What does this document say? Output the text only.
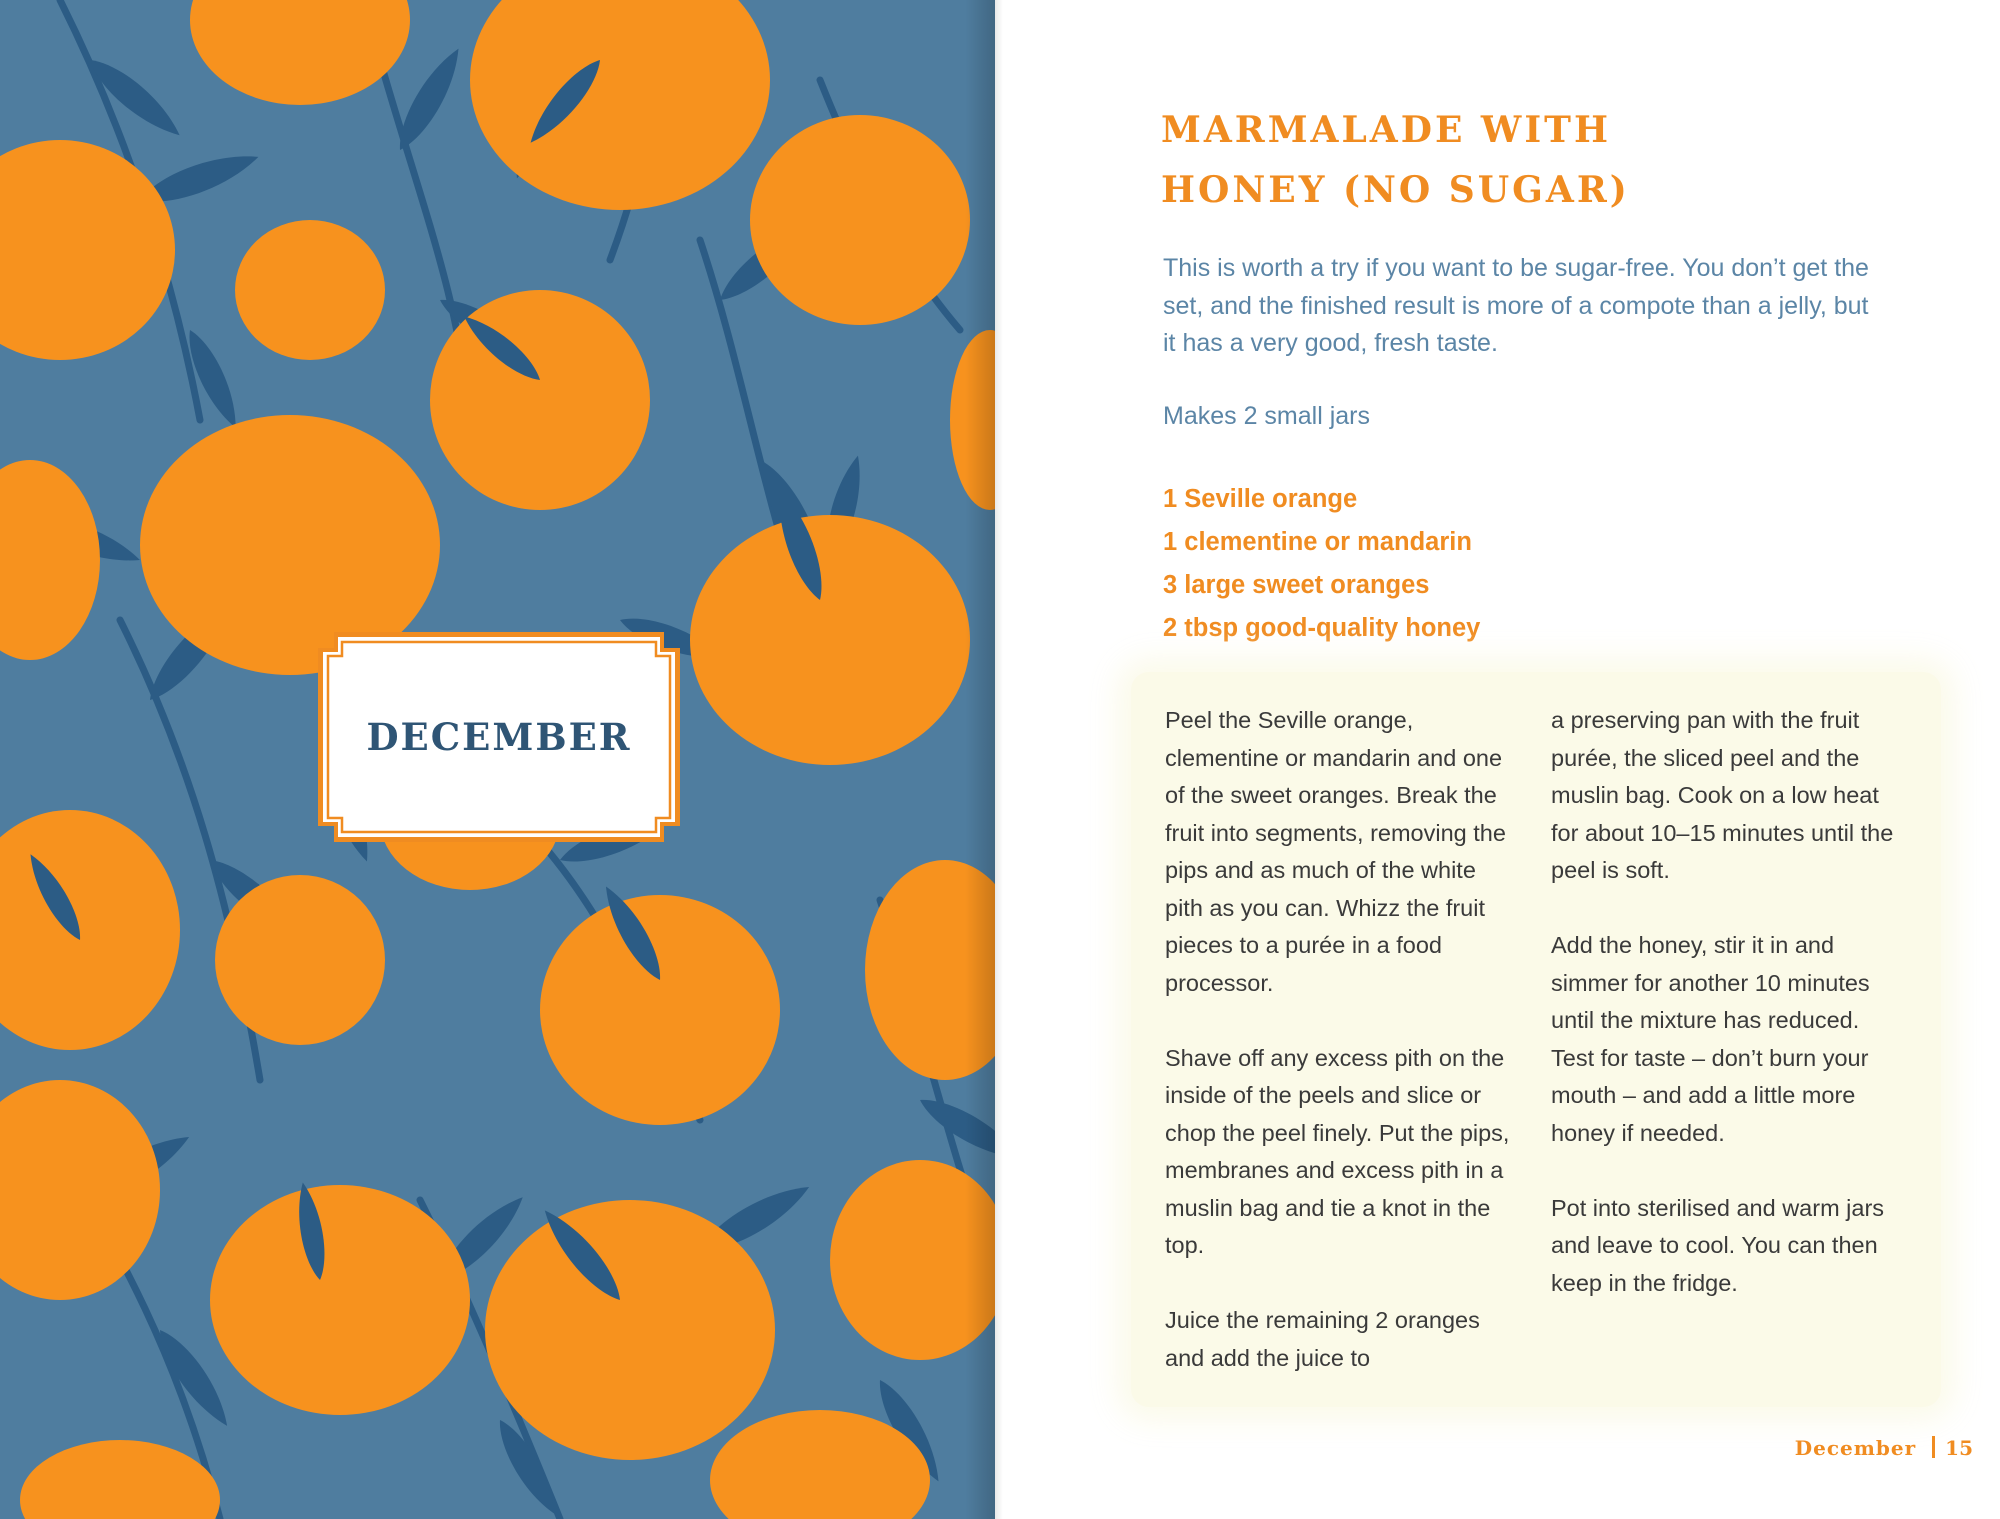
DECEMBER
MARMALADE WITH
HONEY (NO SUGAR)

This is worth a try if you want to be sugar-free. You don’t get the set, and the finished result is more of a compote than a jelly, but it has a very good, fresh taste.

Makes 2 small jars

1 Seville orange
1 clementine or mandarin
3 large sweet oranges
2 tbsp good-quality honey

Peel the Seville orange, clementine or mandarin and one of the sweet oranges. Break the fruit into segments, removing the pips and as much of the white pith as you can. Whizz the fruit pieces to a purée in a food processor.

Shave off any excess pith on the inside of the peels and slice or chop the peel finely. Put the pips, membranes and excess pith in a muslin bag and tie a knot in the top.

Juice the remaining 2 oranges and add the juice to

a preserving pan with the fruit purée, the sliced peel and the muslin bag. Cook on a low heat for about 10–15 minutes until the peel is soft.

Add the honey, stir it in and simmer for another 10 minutes until the mixture has reduced. Test for taste – don’t burn your mouth – and add a little more honey if needed.

Pot into sterilised and warm jars and leave to cool. You can then keep in the fridge.

December 15
